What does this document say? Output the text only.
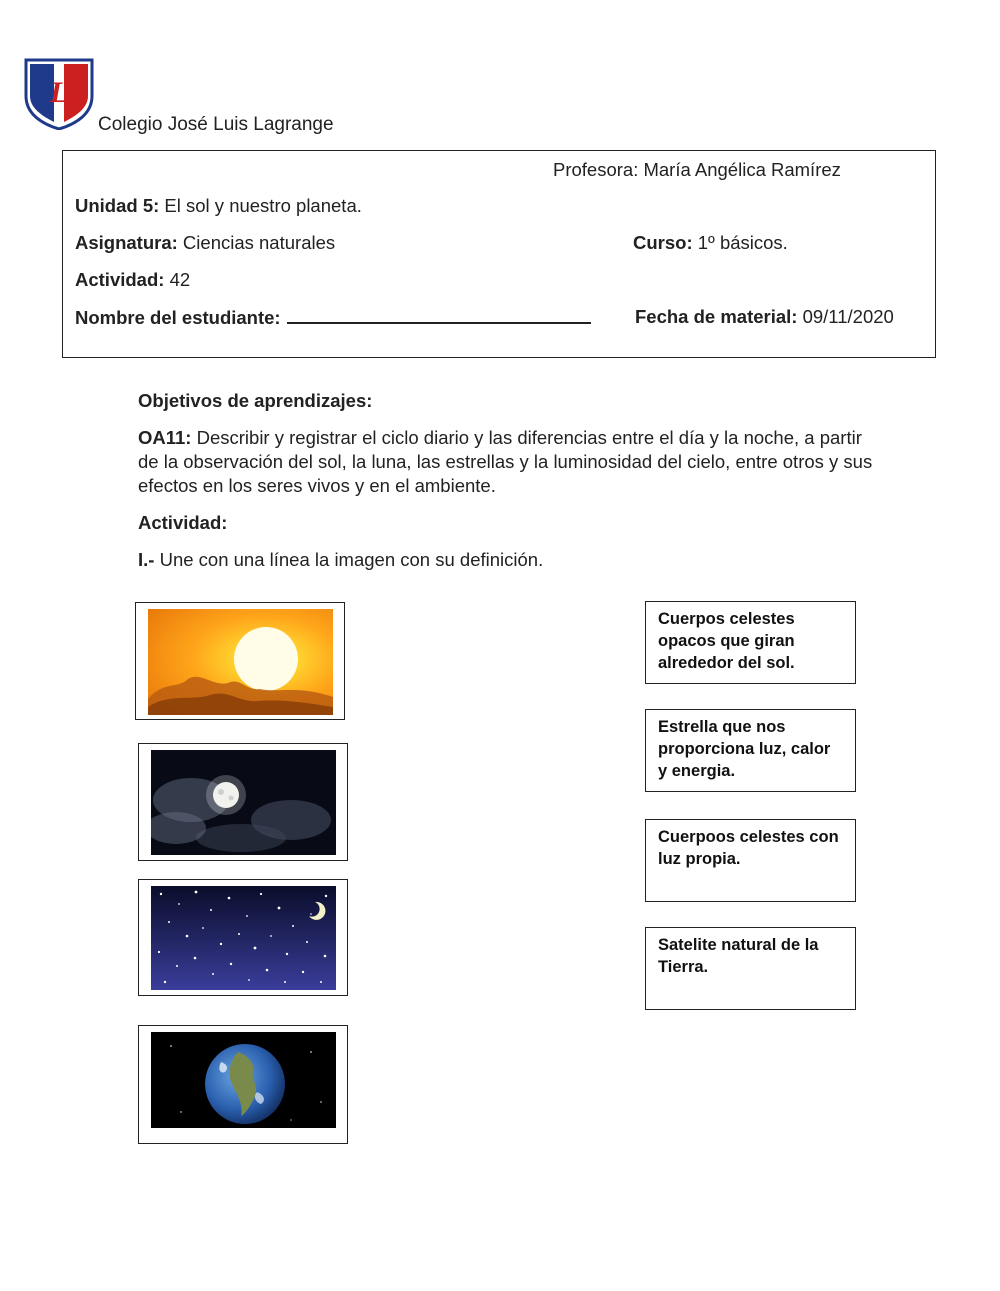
L
Colegio José Luis Lagrange
Profesora: María Angélica Ramírez
Unidad 5: El sol y nuestro planeta.
Asignatura: Ciencias naturales	Curso: 1º básicos.
Actividad: 42
Nombre del estudiante:	Fecha de material: 09/11/2020
Objetivos de aprendizajes:
OA11: Describir y registrar el ciclo diario y las diferencias entre el día y la noche, a partir de la observación del sol, la luna, las estrellas y la luminosidad del cielo, entre otros y sus efectos en los seres vivos y en el ambiente.
Actividad:
I.- Une con una línea la imagen con su definición.
Cuerpos celestes opacos que giran alrededor del sol.
Estrella que nos proporciona luz, calor y energia.
Cuerpoos celestes con luz propia.
Satelite natural de la Tierra.
